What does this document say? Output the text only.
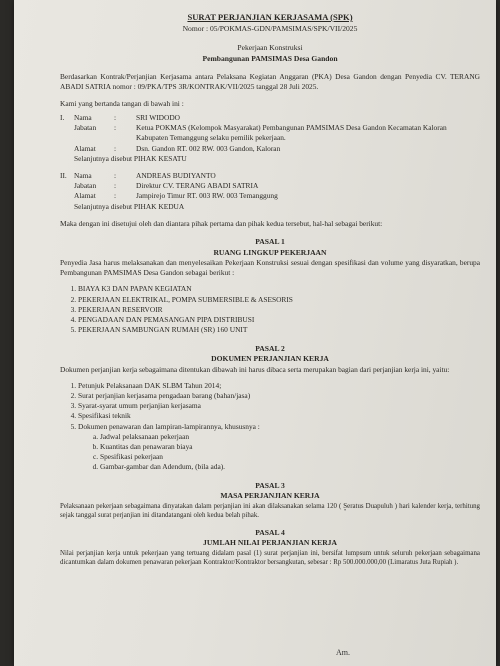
SURAT PERJANJIAN KERJASAMA (SPK)
Nomor : 05/POKMAS-GDN/PAMSIMAS/SPK/VII/2025
Pekerjaan Konstruksi
Pembangunan PAMSIMAS Desa Gandon

Berdasarkan Kontrak/Perjanjian Kerjasama antara Pelaksana Kegiatan Anggaran (PKA) Desa Gandon dengan Penyedia CV. TERANG ABADI SATRIA nomor : 09/PKA/TPS 3R/KONTRAK/VII/2025 tanggal 28 Juli 2025.

Kami yang bertanda tangan di bawah ini :
I.	Nama	:	SRI WIDODO
Jabatan	:	Ketua POKMAS (Kelompok Masyarakat) Pembangunan PAMSIMAS Desa Gandon Kecamatan Kaloran Kabupaten Temanggung selaku pemilik pekerjaan.
Alamat	:	Dsn. Gandon RT. 002 RW. 003 Gandon, Kaloran
Selanjutnya disebut PIHAK KESATU
II. Nama	:	ANDREAS BUDIYANTO
Jabatan	:	Direktur CV. TERANG ABADI SATRIA
Alamat	:	Jampirejo Timur RT. 003 RW. 003 Temanggung
Selanjutnya disebut PIHAK KEDUA

Maka dengan ini disetujui oleh dan diantara pihak pertama dan pihak kedua tersebut, hal-hal sebagai berikut:

PASAL 1
RUANG LINGKUP PEKERJAAN

Penyedia Jasa harus melaksanakan dan menyelesaikan Pekerjaan Konstruksi sesuai dengan spesifikasi dan volume yang disyaratkan, berupa Pembangunan PAMSIMAS Desa Gandon sebagai berikut :

1. BIAYA K3 DAN PAPAN KEGIATAN
2. PEKERJAAN ELEKTRIKAL, POMPA SUBMERSIBLE & ASESORIS
3. PEKERJAAN RESERVOIR
4. PENGADAAN DAN PEMASANGAN PIPA DISTRIBUSI
5. PEKERJAAN SAMBUNGAN RUMAH (SR) 160 UNIT
PASAL 2
DOKUMEN PERJANJIAN KERJA

Dokumen perjanjian kerja sebagaimana ditentukan dibawah ini harus dibaca serta merupakan bagian dari perjanjian kerja ini, yaitu:

1. Petunjuk Pelaksanaan DAK SLBM Tahun 2014;
2. Surat perjanjian kerjasama pengadaan barang (bahan/jasa)
3. Syarat-syarat umum perjanjian kerjasama
4. Spesifikasi teknik
5. Dokumen penawaran dan lampiran-lampirannya, khususnya :
a. Jadwal pelaksanaan pekerjaan
b. Kuantitas dan penawaran biaya
c. Spesifikasi pekerjaan
d. Gambar-gambar dan Adendum, (bila ada).
PASAL 3
MASA PERJANJIAN KERJA

Pelaksanaan pekerjaan sebagaimana dinyatakan dalam perjanjian ini akan dilaksanakan selama 120 ( Seratus Duapuluh ) hari kalender kerja, terhitung sejak tanggal surat perjanjian ini ditandatangani oleh kedua belah pihak.

PASAL 4
JUMLAH NILAI PERJANJIAN KERJA

Nilai perjanjian kerja untuk pekerjaan yang tertuang didalam pasal (1) surat perjanjian ini, bersifat lumpsum untuk seluruh pekerjaan sebagaimana dicantumkan dalam dokumen penawaran pekerjaan Kontraktor/Kontraktor bersangkutan, sebesar : Rp 500.000.000,00 (Limaratus Juta Rupiah ).

•
Am.
